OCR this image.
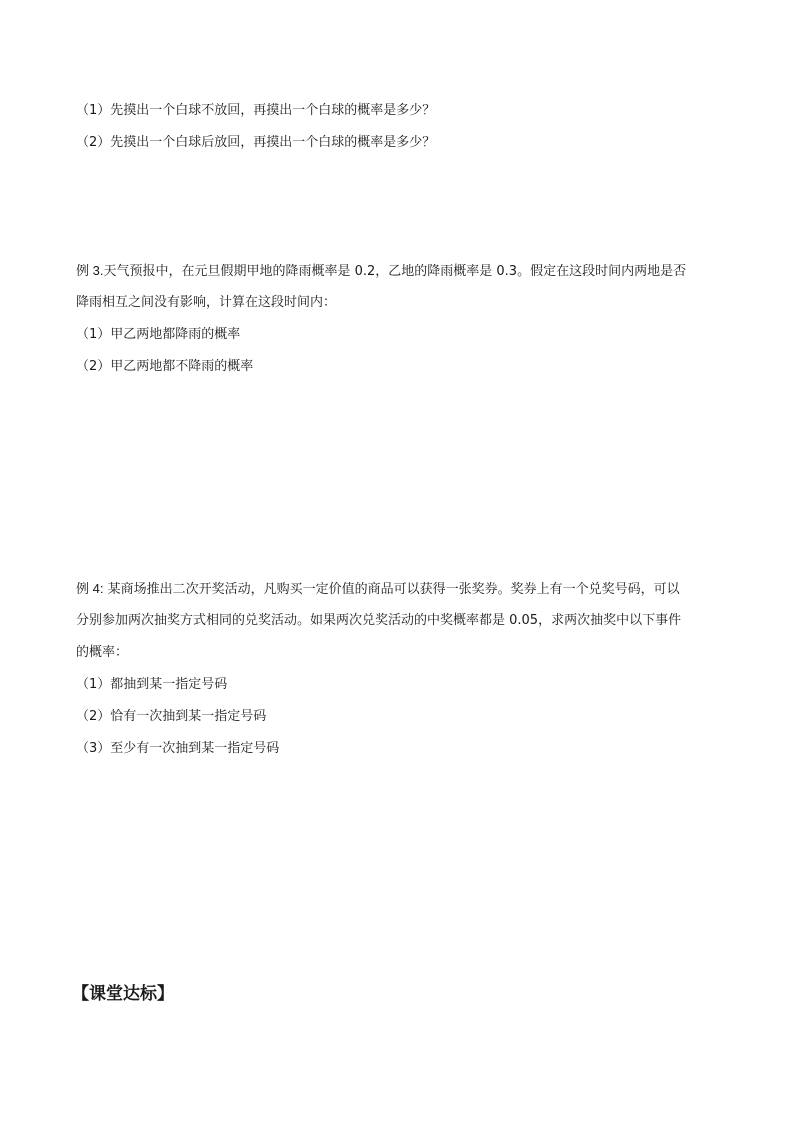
（1）先摸出一个白球不放回，再摸出一个白球的概率是多少？
（2）先摸出一个白球后放回，再摸出一个白球的概率是多少？
例 3.天气预报中，在元旦假期甲地的降雨概率是 0.2，乙地的降雨概率是 0.3。假定在这段时间内两地是否
降雨相互之间没有影响，计算在这段时间内：
（1）甲乙两地都降雨的概率
（2）甲乙两地都不降雨的概率
例 4: 某商场推出二次开奖活动，凡购买一定价值的商品可以获得一张奖券。奖券上有一个兑奖号码，可以
分别参加两次抽奖方式相同的兑奖活动。如果两次兑奖活动的中奖概率都是 0.05，求两次抽奖中以下事件
的概率：
（1）都抽到某一指定号码
（2）恰有一次抽到某一指定号码
（3）至少有一次抽到某一指定号码
【课堂达标】
